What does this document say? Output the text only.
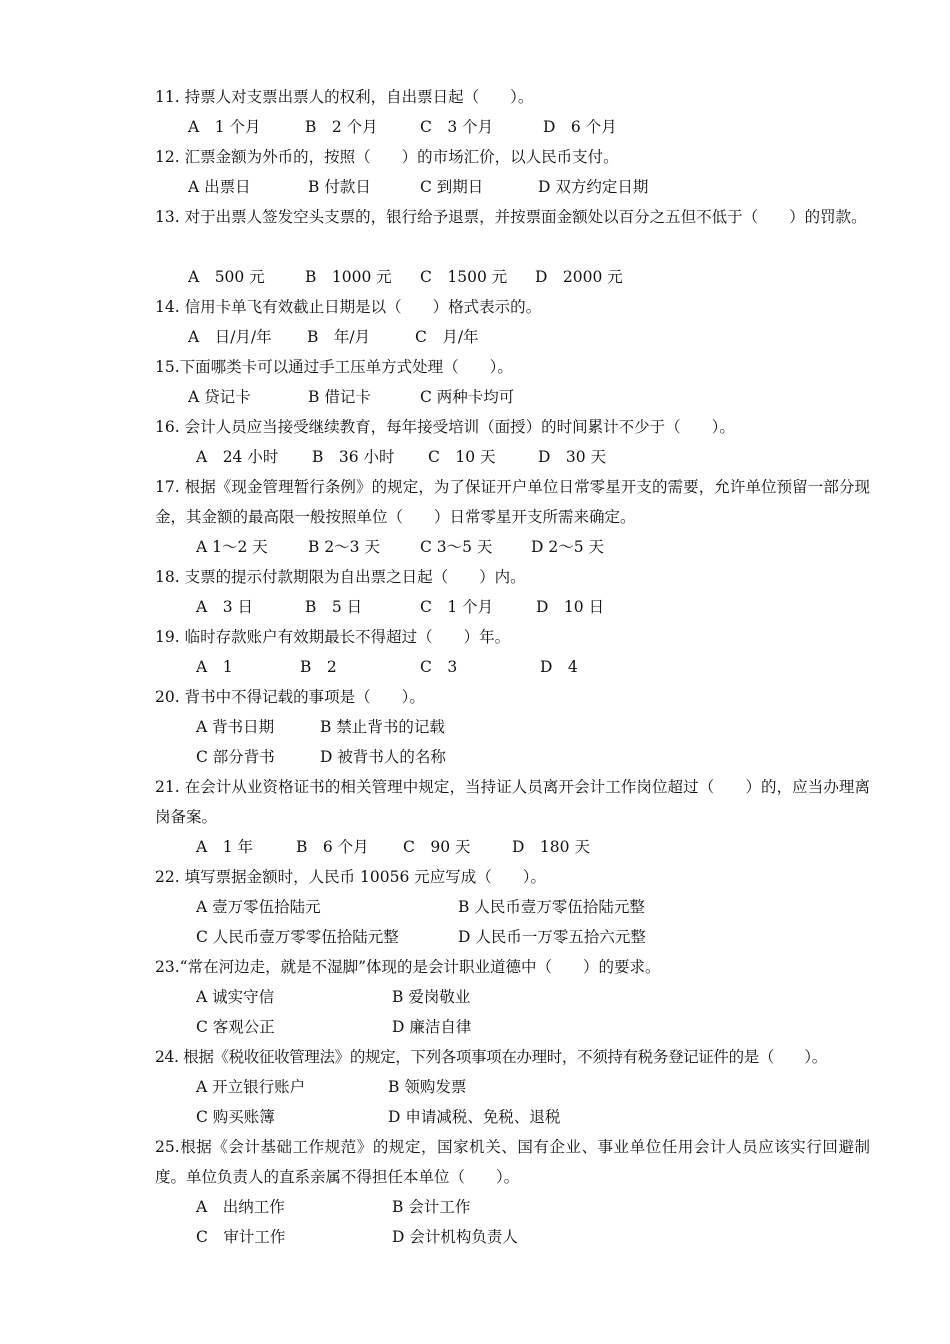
11. 持票人对支票出票人的权利，自出票日起（　　）。
A　1 个月	B　2 个月	C　3 个月	D　6 个月
12. 汇票金额为外币的，按照（　　）的市场汇价，以人民币支付。
A 出票日	B 付款日	C 到期日	D 双方约定日期
13. 对于出票人签发空头支票的，银行给予退票，并按票面金额处以百分之五但不低于（　　）的罚款。
A　500 元	B　1000 元 C　1500 元 D　2000 元
14. 信用卡单飞有效截止日期是以（　　）格式表示的。
A　日/月/年 B　年/月	C　月/年
15.下面哪类卡可以通过手工压单方式处理（　　）。
A 贷记卡	B 借记卡	C 两种卡均可
16. 会计人员应当接受继续教育，每年接受培训（面授）的时间累计不少于（　　）。
A　24 小时 B　36 小时 C　10 天	D　30 天
17. 根据《现金管理暂行条例》的规定，为了保证开户单位日常零星开支的需要，允许单位预留一部分现金，其金额的最高限一般按照单位（　　）日常零星开支所需来确定。
A 1～2 天	B 2～3 天	C 3～5 天 D 2～5 天
18. 支票的提示付款期限为自出票之日起（　　）内。
A　3 日	B　5 日	C　1 个月	D　10 日
19. 临时存款账户有效期最长不得超过（　　）年。
A　1	B　2	C　3	D　4
20. 背书中不得记载的事项是（　　）。
A 背书日期	B 禁止背书的记载
C 部分背书	D 被背书人的名称
21. 在会计从业资格证书的相关管理中规定，当持证人员离开会计工作岗位超过（　　）的，应当办理离岗备案。
A　1 年	B　6 个月 C　90 天	D　180 天
22. 填写票据金额时，人民币 10056 元应写成（　　）。
A 壹万零伍拾陆元	B 人民币壹万零伍拾陆元整
C 人民币壹万零零伍拾陆元整	D 人民币一万零五拾六元整
23.“常在河边走，就是不湿脚”体现的是会计职业道德中（　　）的要求。
A 诚实守信	B 爱岗敬业
C 客观公正	D 廉洁自律
24. 根据《税收征收管理法》的规定，下列各项事项在办理时，不须持有税务登记证件的是（　　）。
A 开立银行账户	B 领购发票
C 购买账簿	D 申请减税、免税、退税
25.根据《会计基础工作规范》的规定，国家机关、国有企业、事业单位任用会计人员应该实行回避制度。单位负责人的直系亲属不得担任本单位（　　）。
A　出纳工作	B 会计工作
C　审计工作	D 会计机构负责人
